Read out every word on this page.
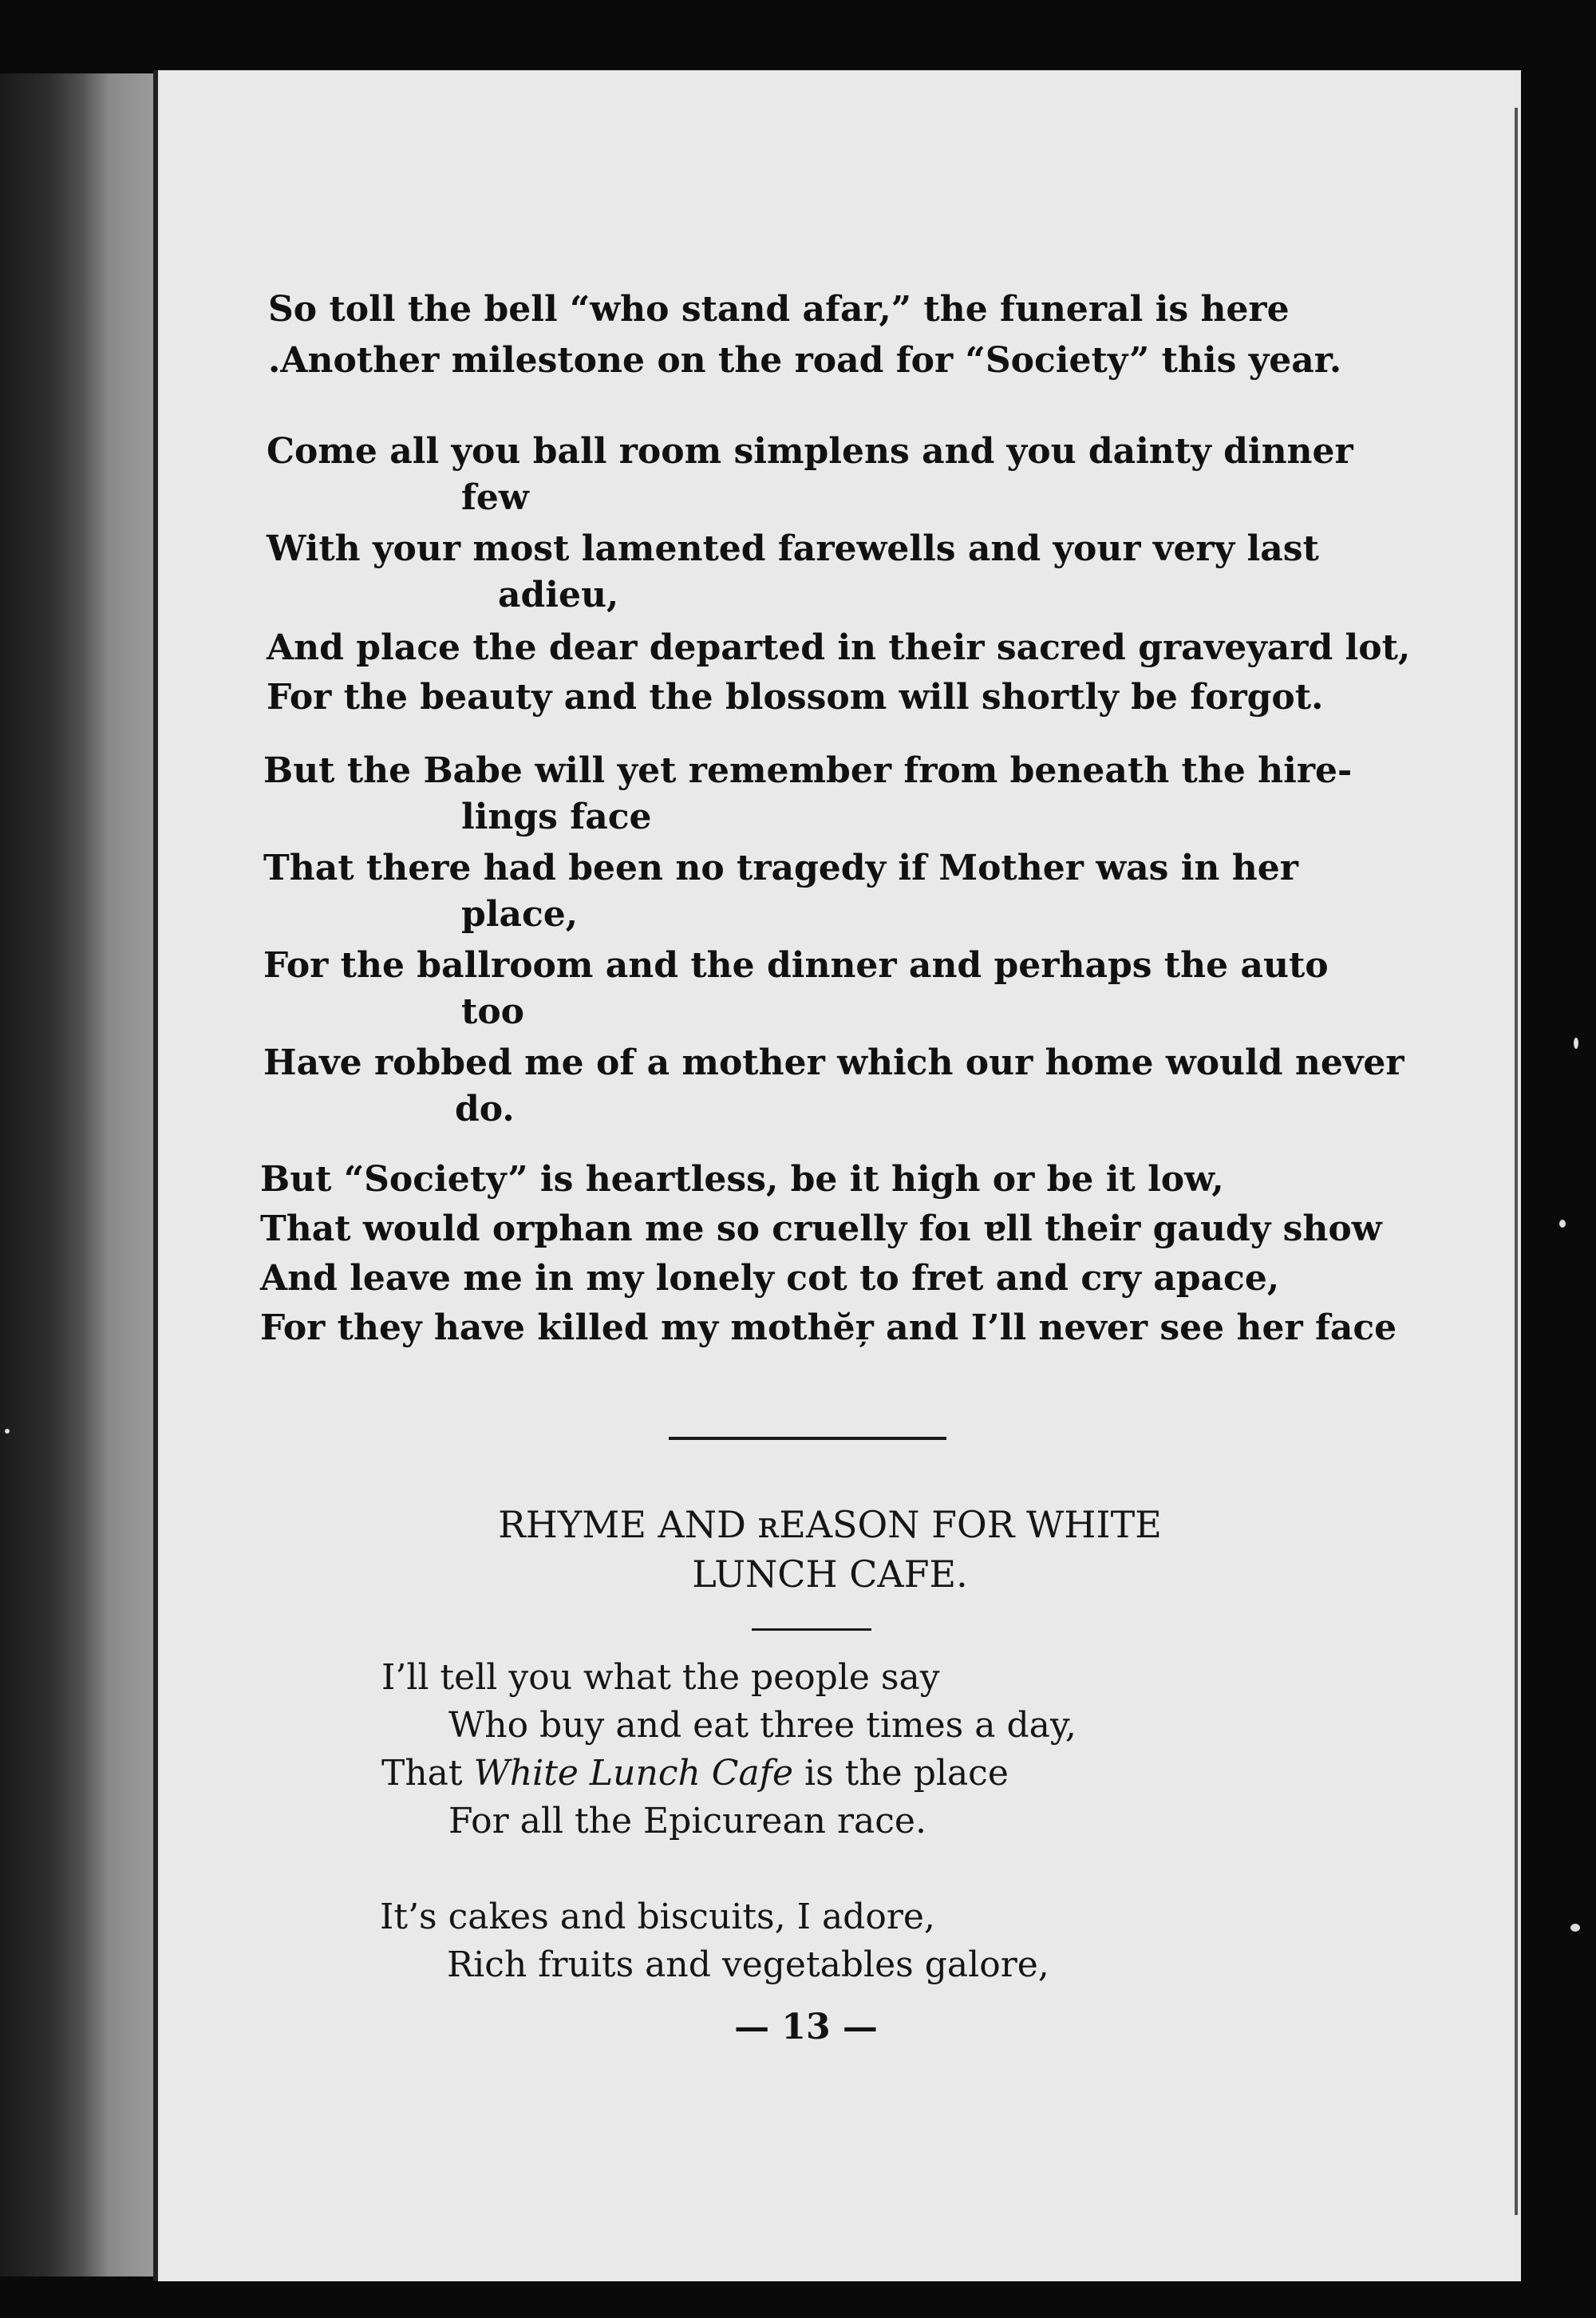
So toll the bell “who stand afar,” the funeral is here
.Another milestone on the road for “Society” this year.
Come all you ball room simplens and you dainty dinner
few
With your most lamented farewells and your very last
adieu,
And place the dear departed in their sacred graveyard lot,
For the beauty and the blossom will shortly be forgot.
But the Babe will yet remember from beneath the hire-
lings face
That there had been no tragedy if Mother was in her
place,
For the ballroom and the dinner and perhaps the auto
too
Have robbed me of a mother which our home would never
do.
But “Society” is heartless, be it high or be it low,
That would orphan me so cruelly foı ɐll their gaudy show
And leave me in my lonely cot to fret and cry apace,
For they have killed my mothĕŗ and I’ll never see her face
RHYME AND ʀEASON FOR WHITE
LUNCH CAFE.
I’ll tell you what the people say
Who buy and eat three times a day,
That White Lunch Cafe is the place
For all the Epicurean race.
It’s cakes and biscuits, I adore,
Rich fruits and vegetables galore,
— 13 —
